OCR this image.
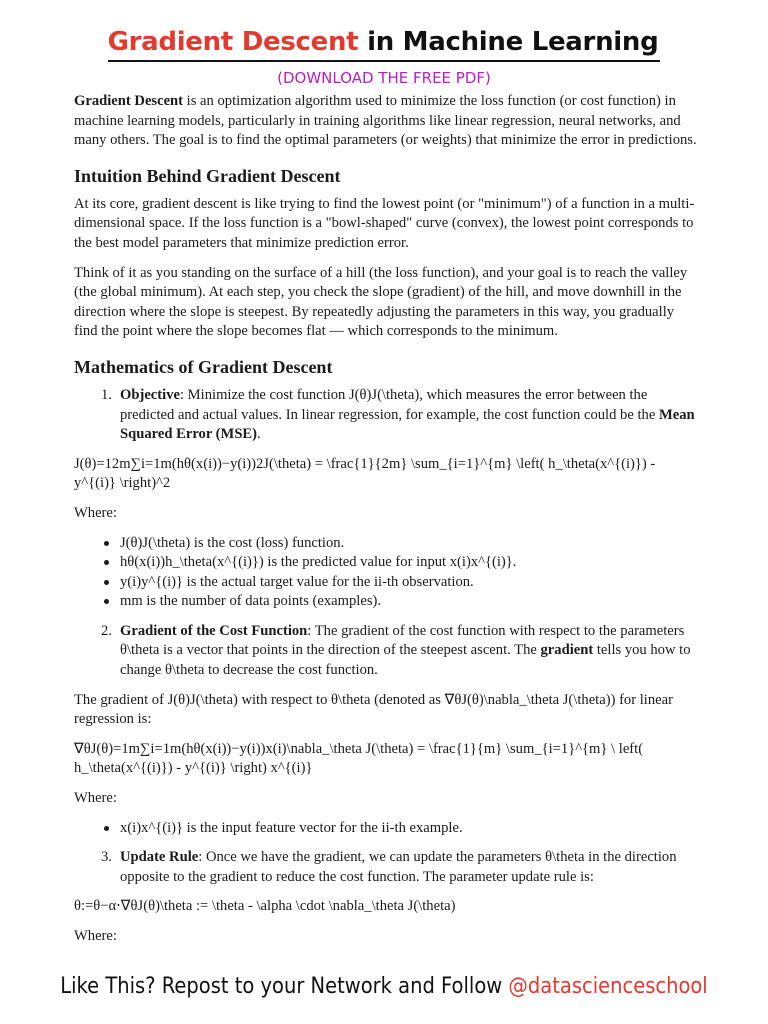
Gradient Descent in Machine Learning
(DOWNLOAD THE FREE PDF)

Gradient Descent is an optimization algorithm used to minimize the loss function (or cost function) in machine learning models, particularly in training algorithms like linear regression, neural networks, and many others. The goal is to find the optimal parameters (or weights) that minimize the error in predictions.

Intuition Behind Gradient Descent

At its core, gradient descent is like trying to find the lowest point (or "minimum") of a function in a multi-dimensional space. If the loss function is a "bowl-shaped" curve (convex), the lowest point corresponds to the best model parameters that minimize prediction error.

Think of it as you standing on the surface of a hill (the loss function), and your goal is to reach the valley (the global minimum). At each step, you check the slope (gradient) of the hill, and move downhill in the direction where the slope is steepest. By repeatedly adjusting the parameters in this way, you gradually find the point where the slope becomes flat — which corresponds to the minimum.

Mathematics of Gradient Descent
1. Objective: Minimize the cost function J(θ)J(\theta), which measures the error between the predicted and actual values. In linear regression, for example, the cost function could be the Mean Squared Error (MSE).

J(θ)=12m∑i=1m(hθ(x(i))−y(i))2J(\theta) = \frac{1}{2m} \sum_{i=1}^{m} \left( h_\theta(x^{(i)}) - y^{(i)} \right)^2

Where:

J(θ)J(\theta) is the cost (loss) function.
hθ(x(i))h_\theta(x^{(i)}) is the predicted value for input x(i)x^{(i)}.
y(i)y^{(i)} is the actual target value for the ii-th observation.
mm is the number of data points (examples).
2. Gradient of the Cost Function: The gradient of the cost function with respect to the parameters θ\theta is a vector that points in the direction of the steepest ascent. The gradient tells you how to change θ\theta to decrease the cost function.

The gradient of J(θ)J(\theta) with respect to θ\theta (denoted as ∇θJ(θ)\nabla_\theta J(\theta)) for linear regression is:

∇θJ(θ)=1m∑i=1m(hθ(x(i))−y(i))x(i)\nabla_\theta J(\theta) = \frac{1}{m} \sum_{i=1}^{m} \ left( h_\theta(x^{(i)}) - y^{(i)} \right) x^{(i)}

Where:

x(i)x^{(i)} is the input feature vector for the ii-th example.
3. Update Rule: Once we have the gradient, we can update the parameters θ\theta in the direction opposite to the gradient to reduce the cost function. The parameter update rule is:

θ:=θ−α⋅∇θJ(θ)\theta := \theta - \alpha \cdot \nabla_\theta J(\theta)

Where:

Like This? Repost to your Network and Follow @datascienceschool
